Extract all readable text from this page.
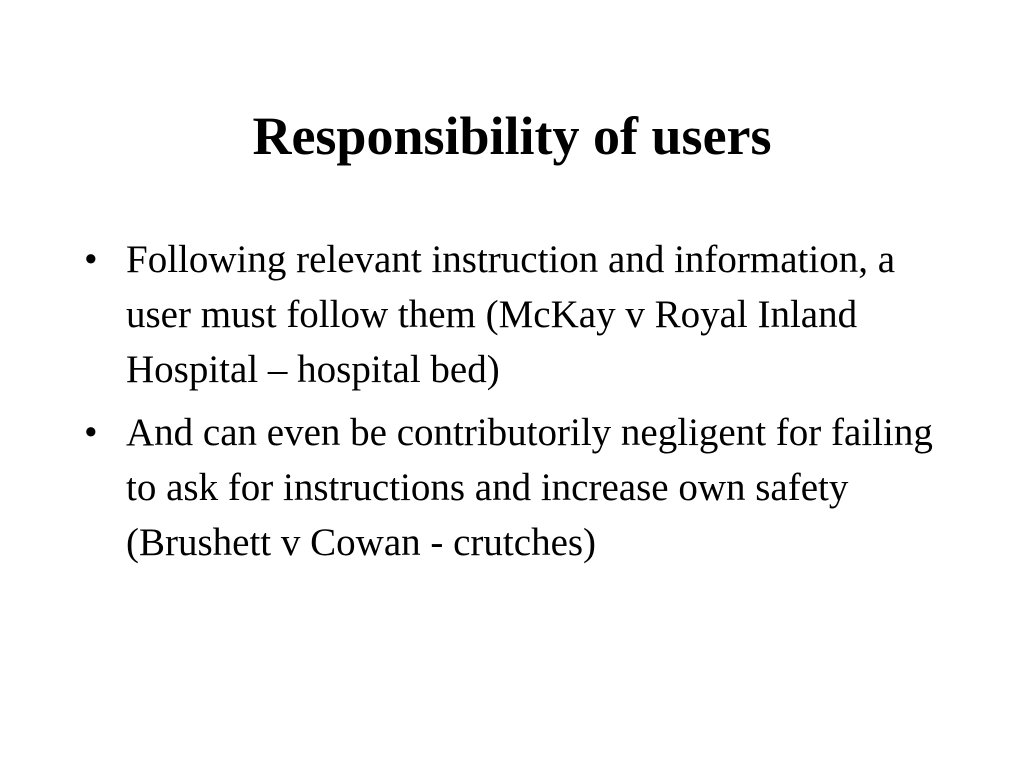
Responsibility of users
• Following relevant instruction and information, a user must follow them (McKay v Royal Inland Hospital – hospital bed)
• And can even be contributorily negligent for failing to ask for instructions and increase own safety (Brushett v Cowan - crutches)
